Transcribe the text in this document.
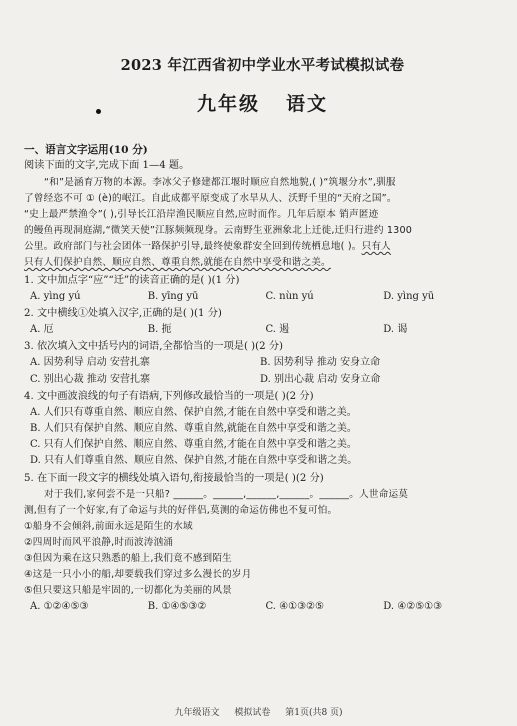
2023 年江西省初中学业水平考试模拟试卷
九年级 语文
一、语言文字运用(10 分)
阅读下面的文字,完成下面 1—4 题。
“和”是涵育万物的本源。李冰父子修建都江堰时顺应自然地貌,( )“筑堰分水”,驯服
了曾经恣不可 ① (è)的岷江。自此成都平原变成了水旱从人、沃野千里的“天府之国”。
“史上最严禁渔令”( ),引导长江沿岸渔民顺应自然,应时而作。几年后原本 销声匿迹
的鳗鱼再现洞庭湖,“微笑天使”江豚频频现身。云南野生亚洲象北上迁徙,迁归行进约 1300
公里。政府部门与社会团体一路保护引导,最终使象群安全回到传统栖息地( )。只有人
只有人们保护自然、顺应自然、尊重自然,就能在自然中享受和谐之美。
1. 文中加点字“应”“迁”的读音正确的是( )(1 分)
A. yìng yú	B. yīng yū	C. nùn yú	D. yìng yū
2. 文中横线①处填入汉字,正确的是( )(1 分)
A. 厄	B. 扼	C. 遏	D. 谒
3. 依次填入文中括号内的词语,全都恰当的一项是( )(2 分)
A. 因势利导 启动 安营扎寨	B. 因势利导 推动 安身立命
C. 别出心裁 推动 安营扎寨	D. 别出心裁 启动 安身立命
4. 文中画波浪线的句子有语病,下列修改最恰当的一项是( )(2 分)
A. 人们只有尊重自然、顺应自然、保护自然,才能在自然中享受和谐之美。
B. 人们只有保护自然、顺应自然、尊重自然,就能在自然中享受和谐之美。
C. 只有人们保护自然、顺应自然、尊重自然,才能在自然中享受和谐之美。
D. 只有人们尊重自然、顺应自然、保护自然,才能在自然中享受和谐之美。
5. 在下面一段文字的横线处填入语句,衔接最恰当的一项是( )(2 分)
对于我们,家何尝不是一只船? ______。______,______,______。______。人世命运莫
测,但有了一个好家,有了命运与共的好伴侣,莫测的命运仿佛也不复可怕。
①船身不会倾斜,前面永远是陌生的水域
②四周时而风平浪静,时而波涛汹涌
③但因为乘在这只熟悉的船上,我们竟不感到陌生
④这是一只小小的船,却要载我们穿过多么漫长的岁月
⑤但只要这只船是牢固的,一切都化为美丽的风景
A. ①②④⑤③	B. ①④⑤③②	C. ④①③②⑤	D. ④②⑤①③
九年级语文 模拟试卷 第1页(共8 页)
